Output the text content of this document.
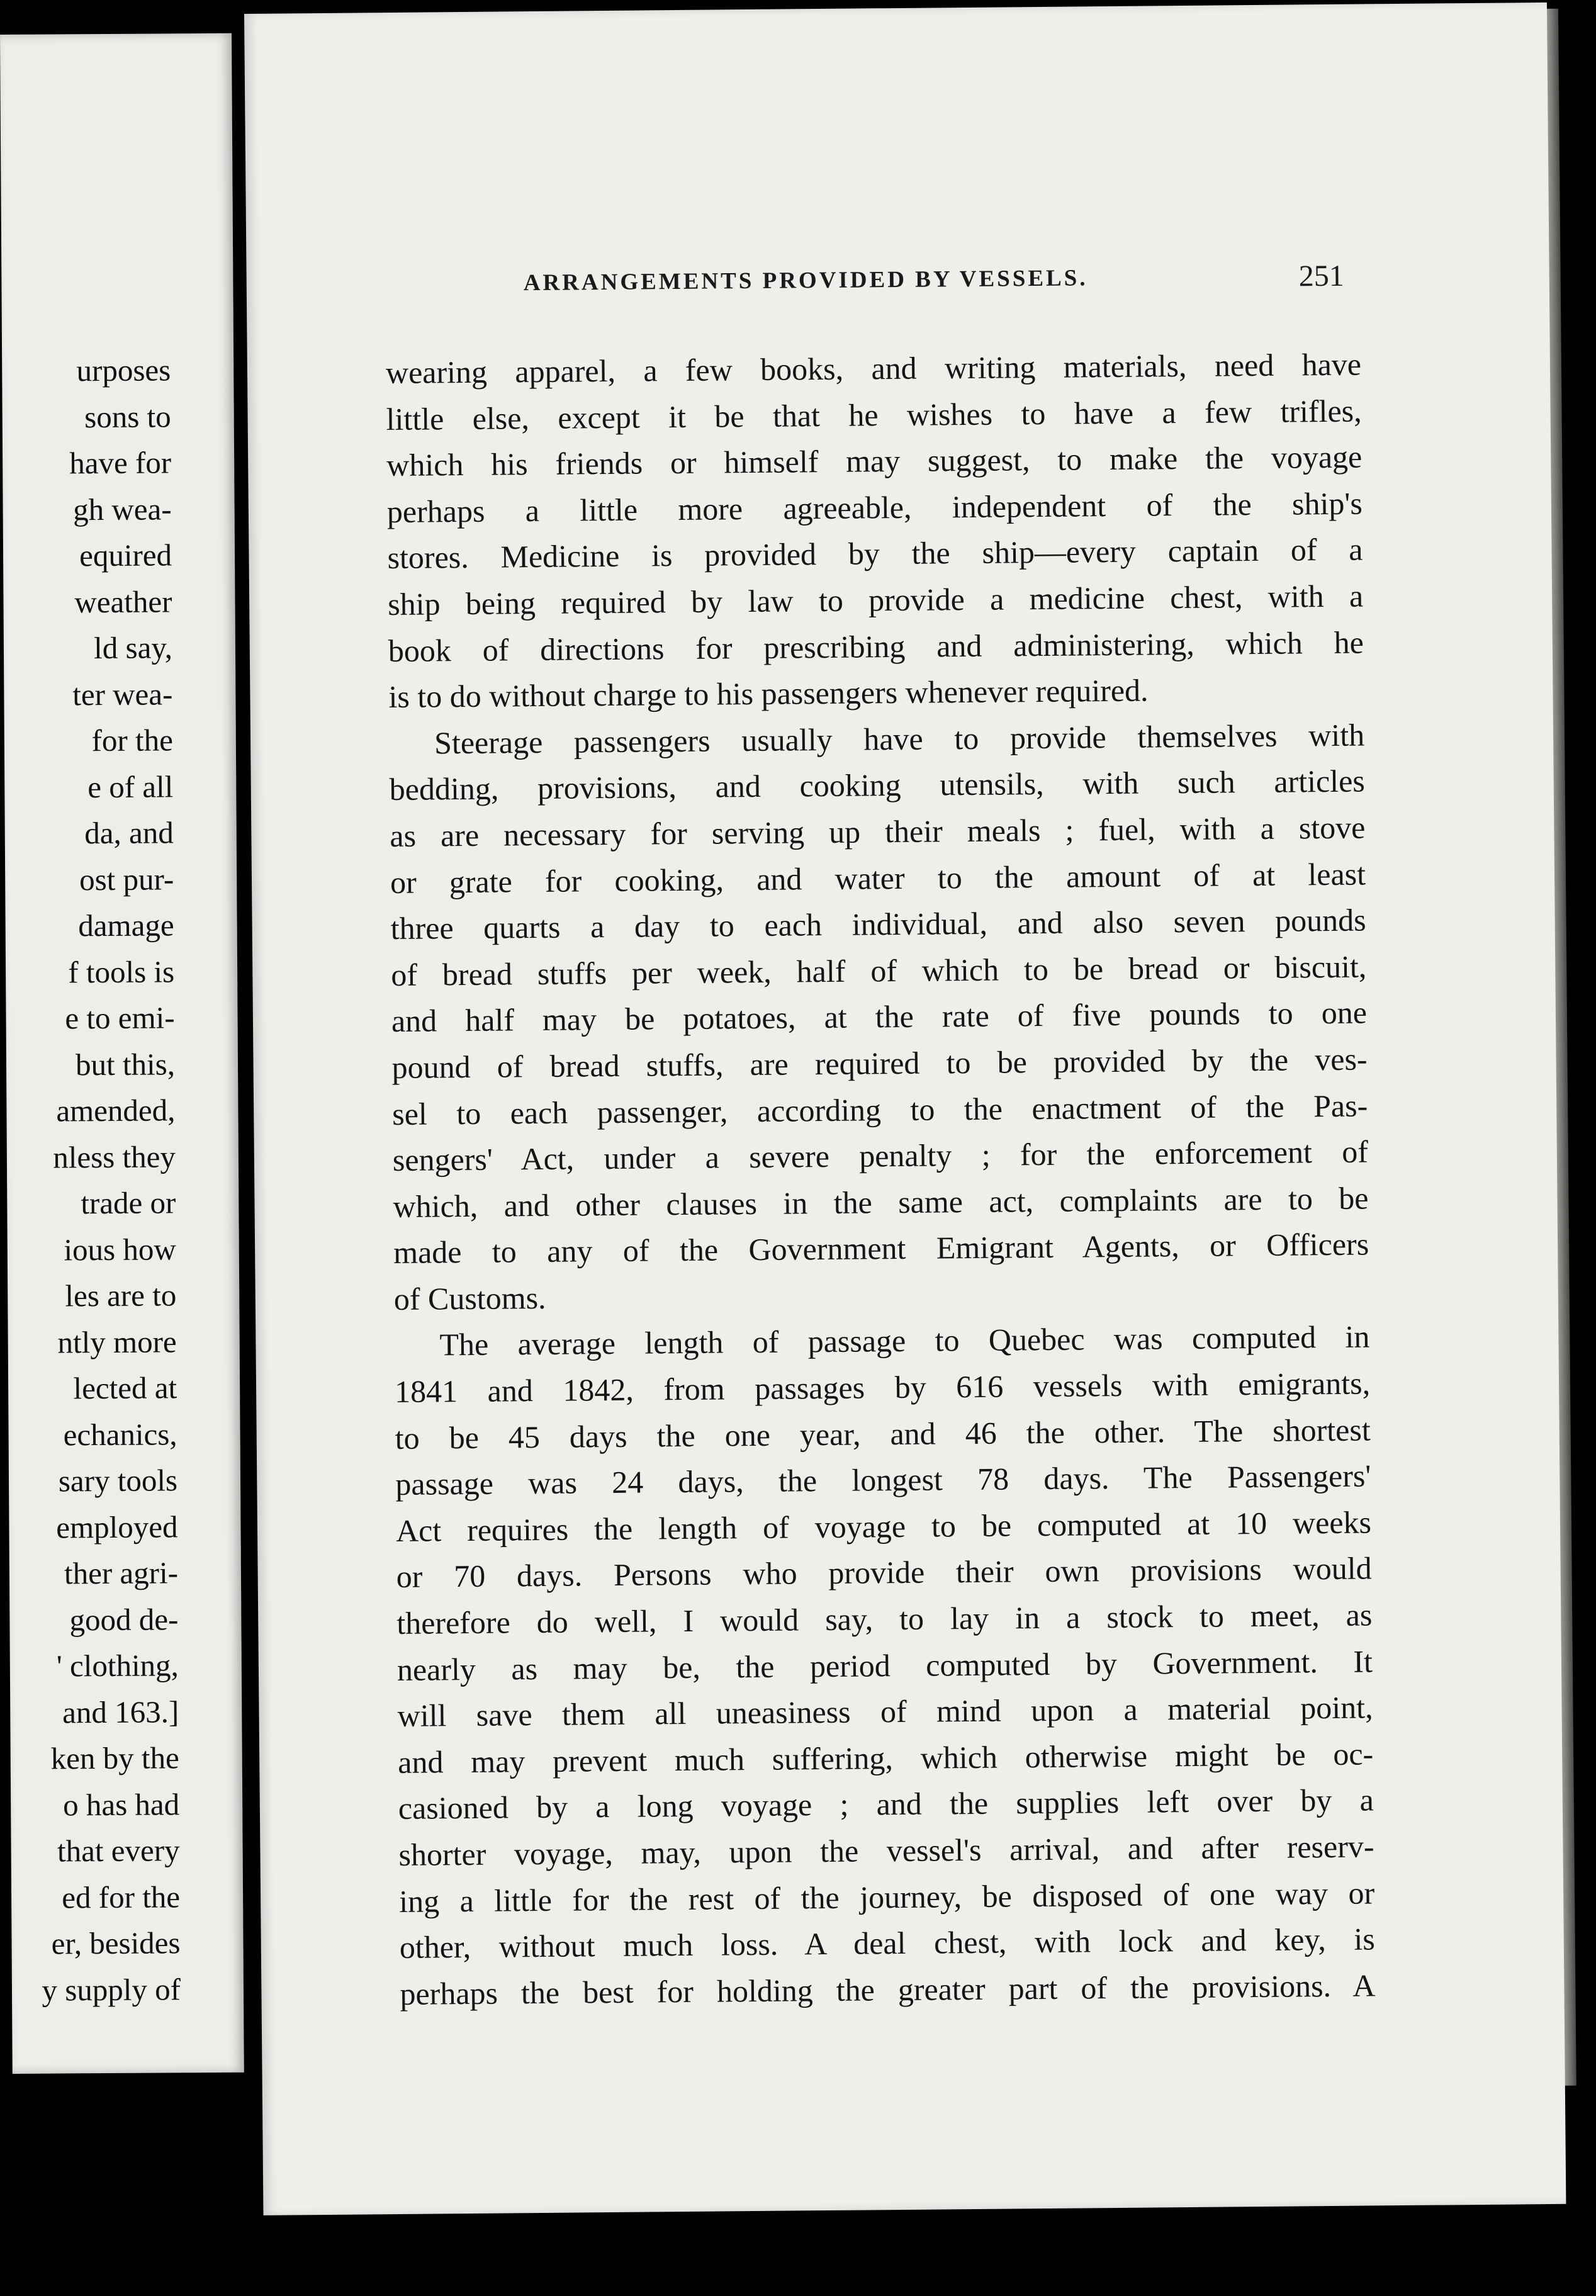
urposes
sons to
have for
gh wea-
equired
weather
ld say,
ter wea-
for the
e of all
da, and
ost pur-
damage
f tools is
e to emi-
but this,
amended,
nless they
trade or
ious how
les are to
ntly more
lected at
echanics,
sary tools
employed
ther agri-
good de-
' clothing,
and 163.]
ken by the
o has had
that every
ed for the
er, besides
y supply of
ARRANGEMENTS PROVIDED BY VESSELS.	251
wearing apparel, a few books, and writing materials, need have
little else, except it be that he wishes to have a few trifles,
which his friends or himself may suggest, to make the voyage
perhaps a little more agreeable, independent of the ship's
stores. Medicine is provided by the ship—every captain of a
ship being required by law to provide a medicine chest, with a
book of directions for prescribing and administering, which he
is to do without charge to his passengers whenever required.
Steerage passengers usually have to provide themselves with
bedding, provisions, and cooking utensils, with such articles
as are necessary for serving up their meals ; fuel, with a stove
or grate for cooking, and water to the amount of at least
three quarts a day to each individual, and also seven pounds
of bread stuffs per week, half of which to be bread or biscuit,
and half may be potatoes, at the rate of five pounds to one
pound of bread stuffs, are required to be provided by the ves-
sel to each passenger, according to the enactment of the Pas-
sengers' Act, under a severe penalty ; for the enforcement of
which, and other clauses in the same act, complaints are to be
made to any of the Government Emigrant Agents, or Officers
of Customs.
The average length of passage to Quebec was computed in
1841 and 1842, from passages by 616 vessels with emigrants,
to be 45 days the one year, and 46 the other. The shortest
passage was 24 days, the longest 78 days. The Passengers'
Act requires the length of voyage to be computed at 10 weeks
or 70 days. Persons who provide their own provisions would
therefore do well, I would say, to lay in a stock to meet, as
nearly as may be, the period computed by Government. It
will save them all uneasiness of mind upon a material point,
and may prevent much suffering, which otherwise might be oc-
casioned by a long voyage ; and the supplies left over by a
shorter voyage, may, upon the vessel's arrival, and after reserv-
ing a little for the rest of the journey, be disposed of one way or
other, without much loss. A deal chest, with lock and key, is
perhaps the best for holding the greater part of the provisions. A
